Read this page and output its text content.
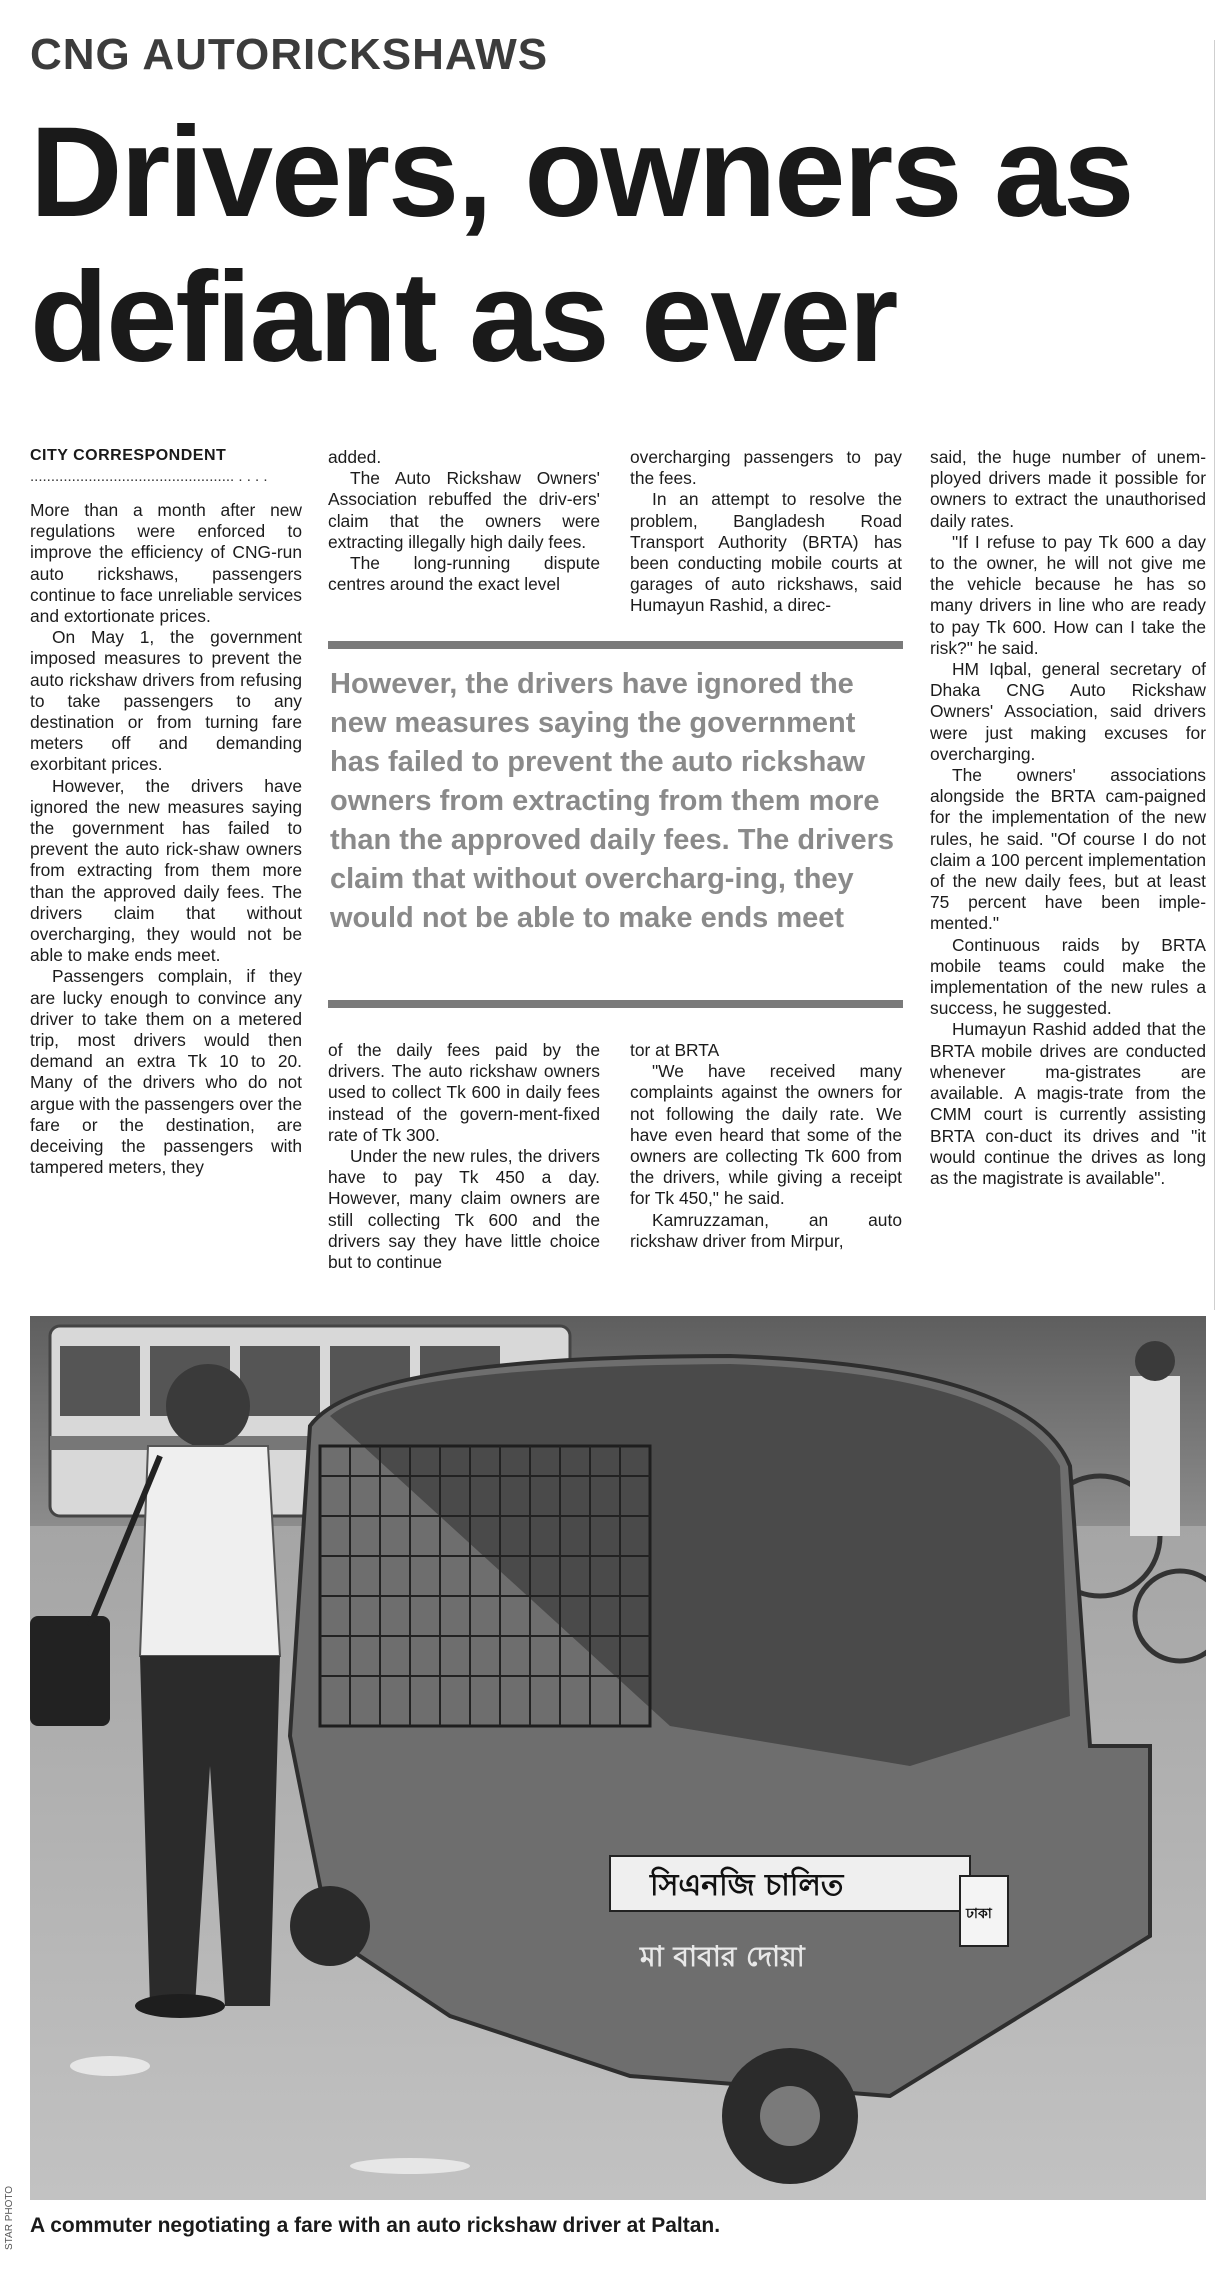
CNG AUTORICKSHAWS
Drivers, owners as
defiant as ever
CITY CORRESPONDENT
................................................. . . . .

More than a month after new regulations were enforced to improve the efficiency of CNG-run auto rickshaws, passengers continue to face unreliable services and extortionate prices.

On May 1, the government imposed measures to prevent the auto rickshaw drivers from refusing to take passengers to any destination or from turning fare meters off and demanding exorbitant prices.

However, the drivers have ignored the new measures saying the government has failed to prevent the auto rick-shaw owners from extracting from them more than the approved daily fees. The drivers claim that without overcharging, they would not be able to make ends meet.

Passengers complain, if they are lucky enough to convince any driver to take them on a metered trip, most drivers would then demand an extra Tk 10 to 20. Many of the drivers who do not argue with the passengers over the fare or the destination, are deceiving the passengers with tampered meters, they

added.

The Auto Rickshaw Owners' Association rebuffed the driv-ers' claim that the owners were extracting illegally high daily fees.

The long-running dispute centres around the exact level

overcharging passengers to pay the fees.

In an attempt to resolve the problem, Bangladesh Road Transport Authority (BRTA) has been conducting mobile courts at garages of auto rickshaws, said Humayun Rashid, a direc-

However, the drivers have ignored the new measures saying the government has failed to prevent the auto rickshaw owners from extracting from them more than the approved daily fees. The drivers claim that without overcharg-ing, they would not be able to make ends meet

of the daily fees paid by the drivers. The auto rickshaw owners used to collect Tk 600 in daily fees instead of the govern-ment-fixed rate of Tk 300.

Under the new rules, the drivers have to pay Tk 450 a day. However, many claim owners are still collecting Tk 600 and the drivers say they have little choice but to continue

tor at BRTA

"We have received many complaints against the owners for not following the daily rate. We have even heard that some of the owners are collecting Tk 600 from the drivers, while giving a receipt for Tk 450," he said.

Kamruzzaman, an auto rickshaw driver from Mirpur,

said, the huge number of unem-ployed drivers made it possible for owners to extract the unauthorised daily rates.

"If I refuse to pay Tk 600 a day to the owner, he will not give me the vehicle because he has so many drivers in line who are ready to pay Tk 600. How can I take the risk?" he said.

HM Iqbal, general secretary of Dhaka CNG Auto Rickshaw Owners' Association, said drivers were just making excuses for overcharging.

The owners' associations alongside the BRTA cam-paigned for the implementation of the new rules, he said. "Of course I do not claim a 100 percent implementation of the new daily fees, but at least 75 percent have been imple-mented."

Continuous raids by BRTA mobile teams could make the implementation of the new rules a success, he suggested.

Humayun Rashid added that the BRTA mobile drives are conducted whenever ma-gistrates are available. A magis-trate from the CMM court is currently assisting BRTA con-duct its drives and "it would continue the drives as long as the magistrate is available".

সিএনজি চালিত
মা বাবার দোয়া
ঢাকা
STAR PHOTO A commuter negotiating a fare with an auto rickshaw driver at Paltan.
